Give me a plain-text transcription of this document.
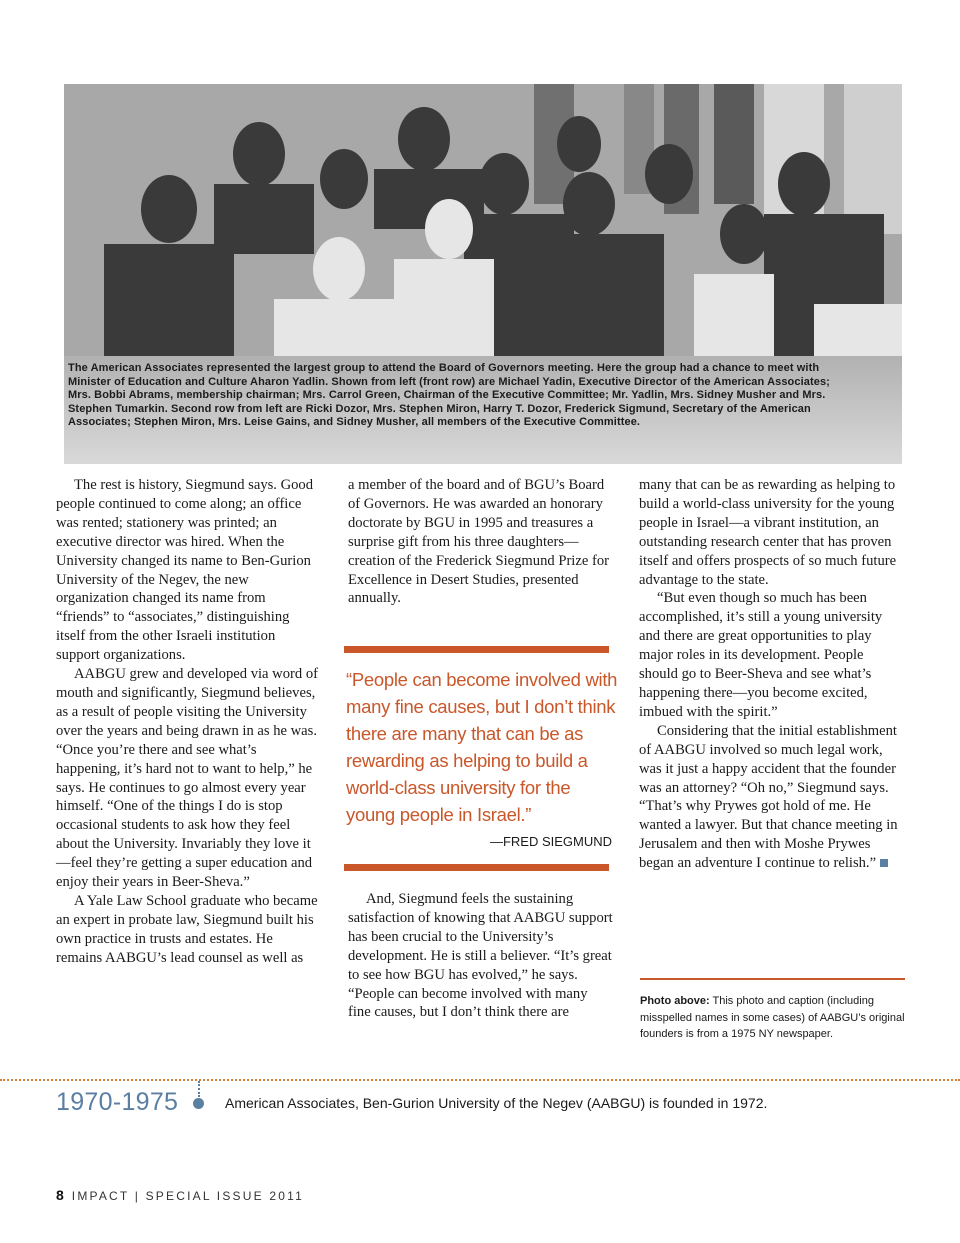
The American Associates represented the largest group to attend the Board of Governors meeting. Here the group had a chance to meet with Minister of Education and Culture Aharon Yadlin. Shown from left (front row) are Michael Yadin, Executive Director of the American Associates; Mrs. Bobbi Abrams, membership chairman; Mrs. Carrol Green, Chairman of the Executive Committee; Mr. Yadlin, Mrs. Sidney Musher and Mrs. Stephen Tumarkin. Second row from left are Ricki Dozor, Mrs. Stephen Miron, Harry T. Dozor, Frederick Sigmund, Secretary of the American Associates; Stephen Miron, Mrs. Leise Gains, and Sidney Musher, all members of the Executive Committee.

The rest is history, Siegmund says. Good people continued to come along; an office was rented; stationery was printed; an executive director was hired. When the University changed its name to Ben-Gurion University of the Negev, the new organization changed its name from “friends” to “associates,” distinguishing itself from the other Israeli institution support organizations.

AABGU grew and developed via word of mouth and significantly, Siegmund believes, as a result of people visiting the University over the years and being drawn in as he was. “Once you’re there and see what’s happening, it’s hard not to want to help,” he says. He continues to go almost every year himself. “One of the things I do is stop occasional students to ask how they feel about the University. Invariably they love it—feel they’re getting a super education and enjoy their years in Beer-Sheva.”

A Yale Law School graduate who became an expert in probate law, Siegmund built his own practice in trusts and estates. He remains AABGU’s lead counsel as well as

a member of the board and of BGU’s Board of Governors. He was awarded an honorary doctorate by BGU in 1995 and treasures a surprise gift from his three daughters—creation of the Frederick Siegmund Prize for Excellence in Desert Studies, presented annually.

“People can become involved with many fine causes, but I don’t think there are many that can be as rewarding as helping to build a world-class university for the young people in Israel.”
—FRED SIEGMUND

And, Siegmund feels the sustaining satisfaction of knowing that AABGU support has been crucial to the University’s development. He is still a believer. “It’s great to see how BGU has evolved,” he says. “People can become involved with many fine causes, but I don’t think there are

many that can be as rewarding as helping to build a world-class university for the young people in Israel—a vibrant institution, an outstanding research center that has proven itself and offers prospects of so much future advantage to the state.

“But even though so much has been accomplished, it’s still a young university and there are great opportunities to play major roles in its development. People should go to Beer-Sheva and see what’s happening there—you become excited, imbued with the spirit.”

Considering that the initial establishment of AABGU involved so much legal work, was it just a happy accident that the founder was an attorney? “Oh no,” Siegmund says. “That’s why Prywes got hold of me. He wanted a lawyer. But that chance meeting in Jerusalem and then with Moshe Prywes began an adventure I continue to relish.”

Photo above: This photo and caption (including misspelled names in some cases) of AABGU’s original founders is from a 1975 NY newspaper.
1970-1975	American Associates, Ben-Gurion University of the Negev (AABGU) is founded in 1972.
8 IMPACT | SPECIAL ISSUE 2011
